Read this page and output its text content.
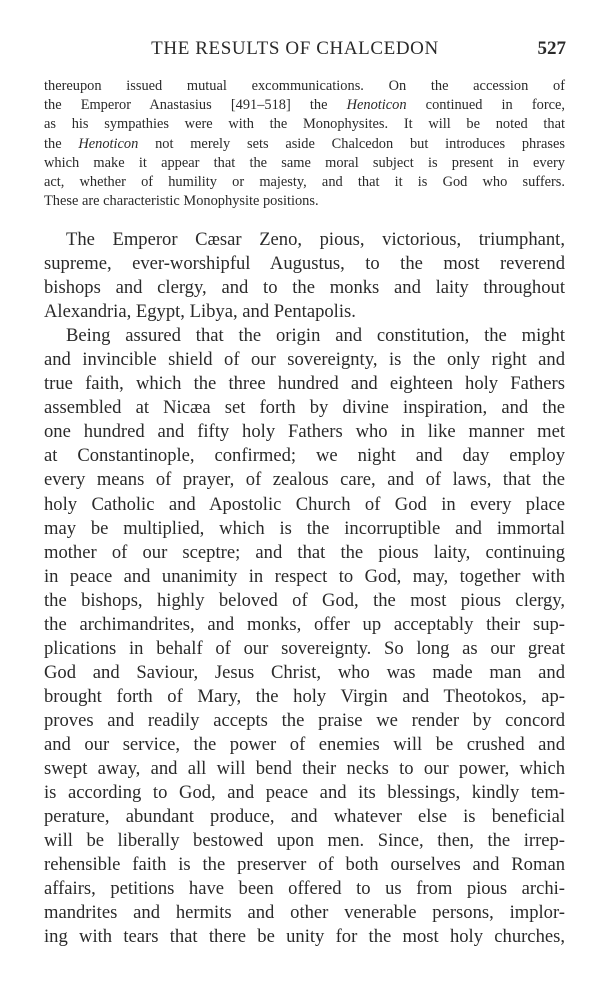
THE RESULTS OF CHALCEDON	527
thereupon issued mutual excommunications. On the accession of
the Emperor Anastasius [491–518] the Henoticon continued in force,
as his sympathies were with the Monophysites. It will be noted that
the Henoticon not merely sets aside Chalcedon but introduces phrases
which make it appear that the same moral subject is present in every
act, whether of humility or majesty, and that it is God who suffers.
These are characteristic Monophysite positions.
The Emperor Cæsar Zeno, pious, victorious, triumphant,
supreme, ever-worshipful Augustus, to the most reverend
bishops and clergy, and to the monks and laity throughout
Alexandria, Egypt, Libya, and Pentapolis.
Being assured that the origin and constitution, the might
and invincible shield of our sovereignty, is the only right and
true faith, which the three hundred and eighteen holy Fathers
assembled at Nicæa set forth by divine inspiration, and the
one hundred and fifty holy Fathers who in like manner met
at Constantinople, confirmed; we night and day employ
every means of prayer, of zealous care, and of laws, that the
holy Catholic and Apostolic Church of God in every place
may be multiplied, which is the incorruptible and immortal
mother of our sceptre; and that the pious laity, continuing
in peace and unanimity in respect to God, may, together with
the bishops, highly beloved of God, the most pious clergy,
the archimandrites, and monks, offer up acceptably their sup-
plications in behalf of our sovereignty. So long as our great
God and Saviour, Jesus Christ, who was made man and
brought forth of Mary, the holy Virgin and Theotokos, ap-
proves and readily accepts the praise we render by concord
and our service, the power of enemies will be crushed and
swept away, and all will bend their necks to our power, which
is according to God, and peace and its blessings, kindly tem-
perature, abundant produce, and whatever else is beneficial
will be liberally bestowed upon men. Since, then, the irrep-
rehensible faith is the preserver of both ourselves and Roman
affairs, petitions have been offered to us from pious archi-
mandrites and hermits and other venerable persons, implor-
ing with tears that there be unity for the most holy churches,
